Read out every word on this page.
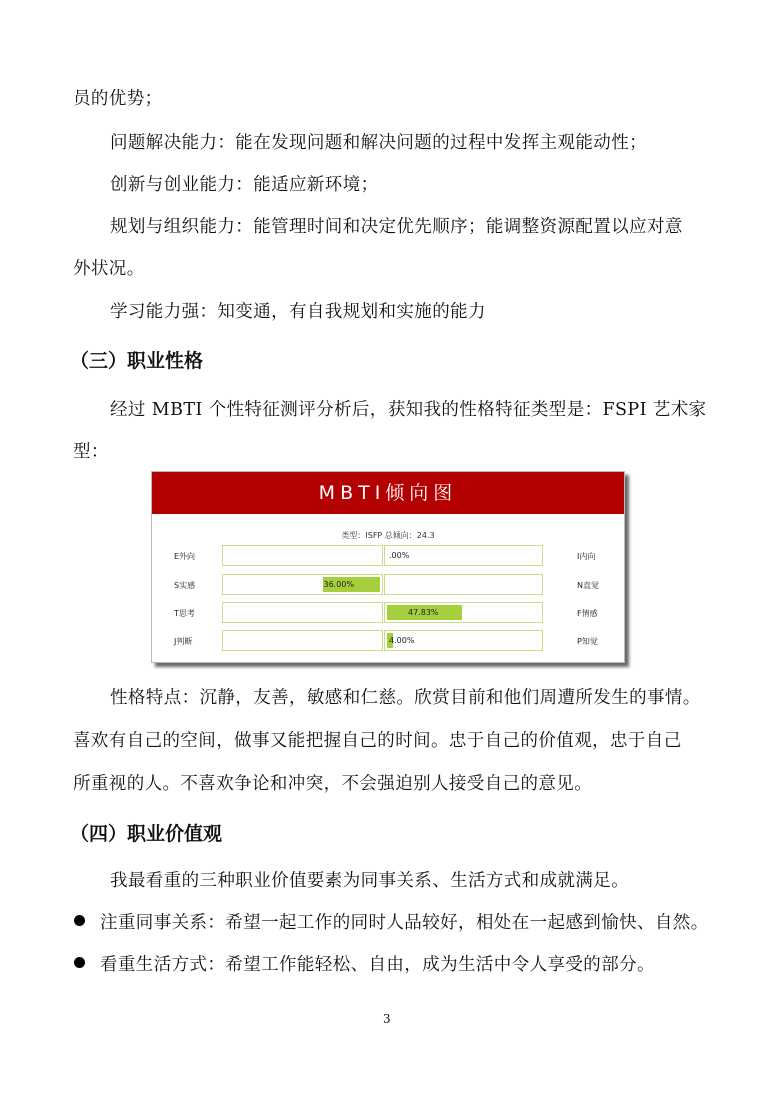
员的优势；
问题解决能力：能在发现问题和解决问题的过程中发挥主观能动性；
创新与创业能力：能适应新环境；
规划与组织能力：能管理时间和决定优先顺序；能调整资源配置以应对意
外状况。
学习能力强：知变通，有自我规划和实施的能力
（三）职业性格
经过 MBTI 个性特征测评分析后，获知我的性格特征类型是：FSPI 艺术家
型：
MBTI倾向图
类型：ISFP 总倾向：24.3
E外向	.00%	I内向
S实感	36.00%	N直觉
T思考	47.83%	F情感
J判断	4.00%	P知觉
性格特点：沉静，友善，敏感和仁慈。欣赏目前和他们周遭所发生的事情。
喜欢有自己的空间，做事又能把握自己的时间。忠于自己的价值观，忠于自己
所重视的人。不喜欢争论和冲突，不会强迫别人接受自己的意见。
（四）职业价值观
我最看重的三种职业价值要素为同事关系、生活方式和成就满足。
注重同事关系：希望一起工作的同时人品较好，相处在一起感到愉快、自然。
看重生活方式：希望工作能轻松、自由，成为生活中令人享受的部分。
3
